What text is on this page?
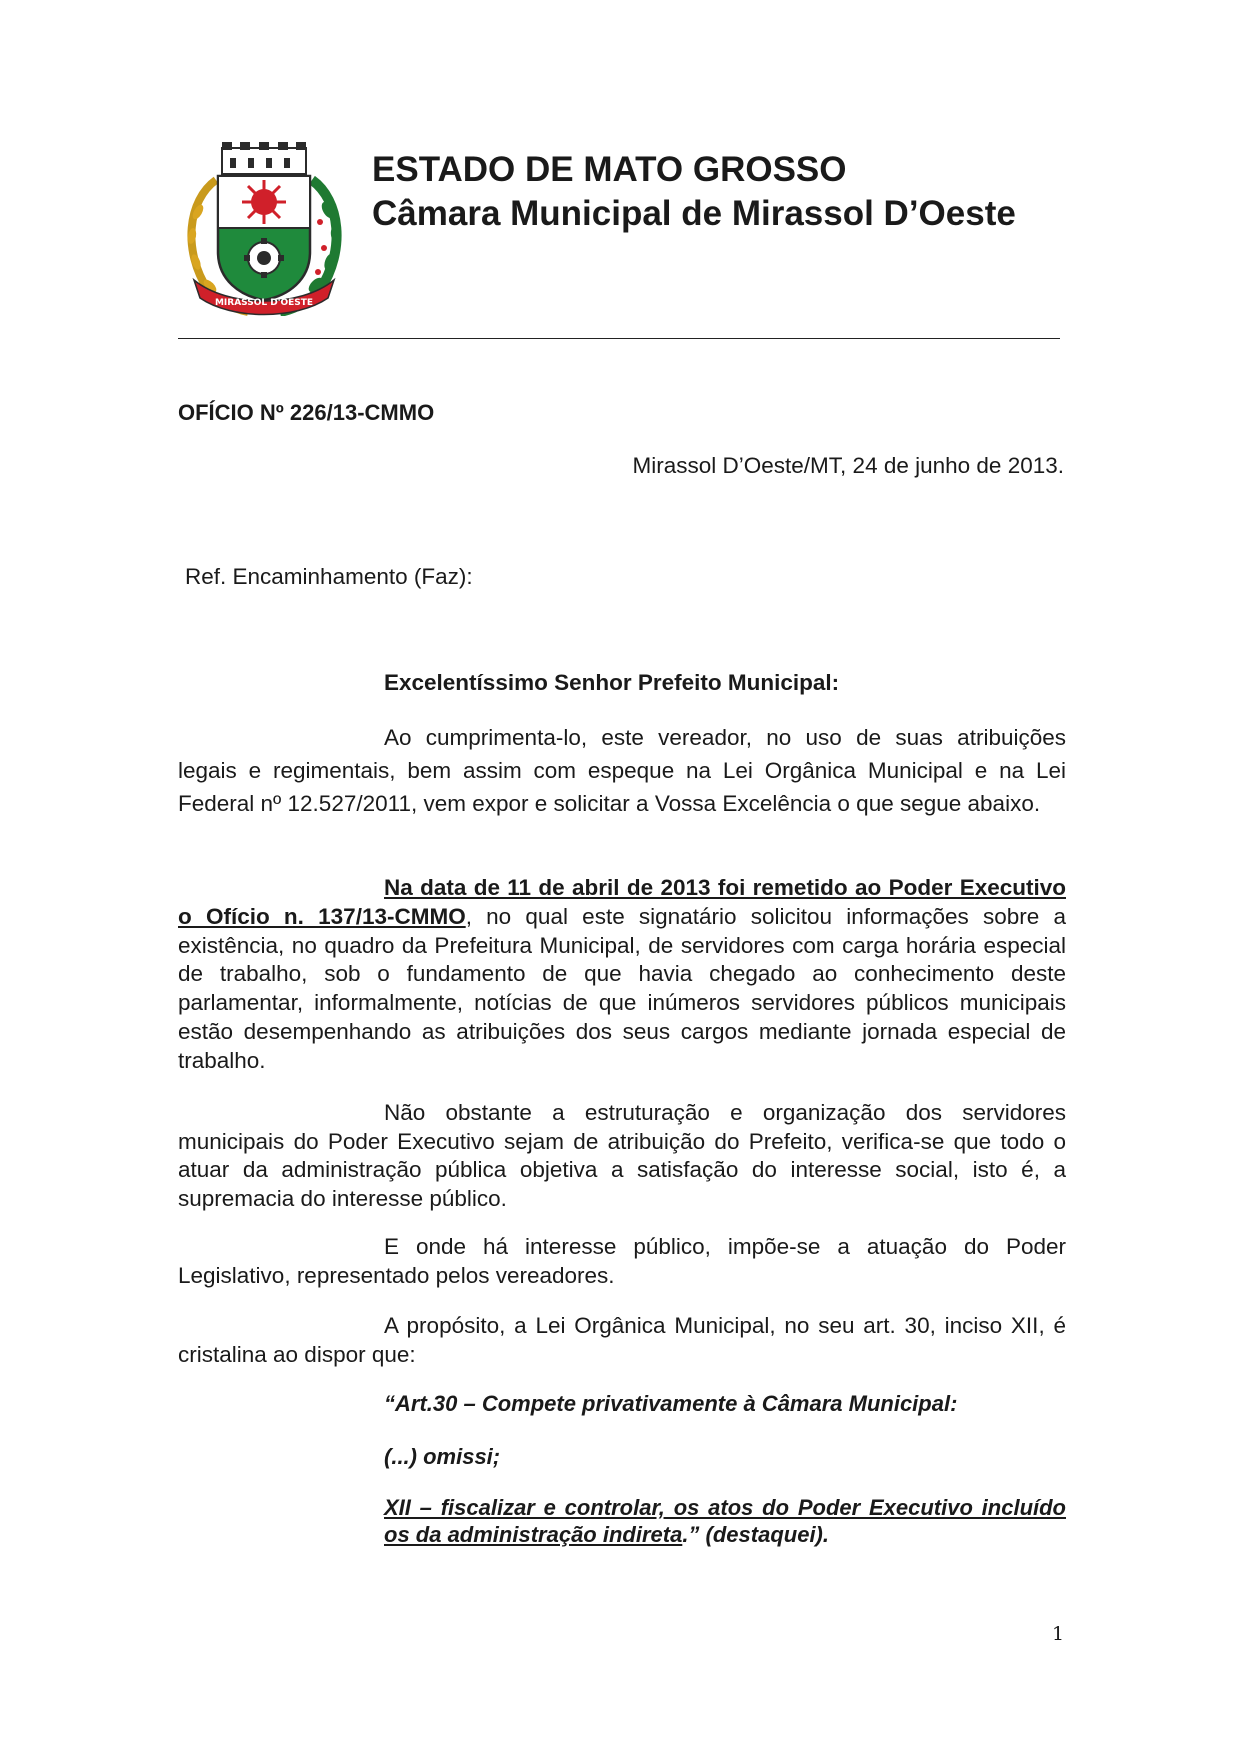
MIRASSOL D'OESTE
ESTADO DE MATO GROSSO
Câmara Municipal de Mirassol D’Oeste
OFÍCIO Nº 226/13-CMMO
Mirassol D’Oeste/MT, 24 de junho de 2013.
Ref. Encaminhamento (Faz):
Excelentíssimo Senhor Prefeito Municipal:

Ao cumprimenta-lo, este vereador, no uso de suas atribuições legais e regimentais, bem assim com espeque na Lei Orgânica Municipal e na Lei Federal nº 12.527/2011, vem expor e solicitar a Vossa Excelência o que segue abaixo.

Na data de 11 de abril de 2013 foi remetido ao Poder Executivo o Ofício n. 137/13-CMMO, no qual este signatário solicitou informações sobre a existência, no quadro da Prefeitura Municipal, de servidores com carga horária especial de trabalho, sob o fundamento de que havia chegado ao conhecimento deste parlamentar, informalmente, notícias de que inúmeros servidores públicos municipais estão desempenhando as atribuições dos seus cargos mediante jornada especial de trabalho.

Não obstante a estruturação e organização dos servidores municipais do Poder Executivo sejam de atribuição do Prefeito, verifica-se que todo o atuar da administração pública objetiva a satisfação do interesse social, isto é, a supremacia do interesse público.

E onde há interesse público, impõe-se a atuação do Poder Legislativo, representado pelos vereadores.

A propósito, a Lei Orgânica Municipal, no seu art. 30, inciso XII, é cristalina ao dispor que:

“Art.30 – Compete privativamente à Câmara Municipal:

(...) omissi;

XII – fiscalizar e controlar, os atos do Poder Executivo incluído os da administração indireta.” (destaquei).

1
